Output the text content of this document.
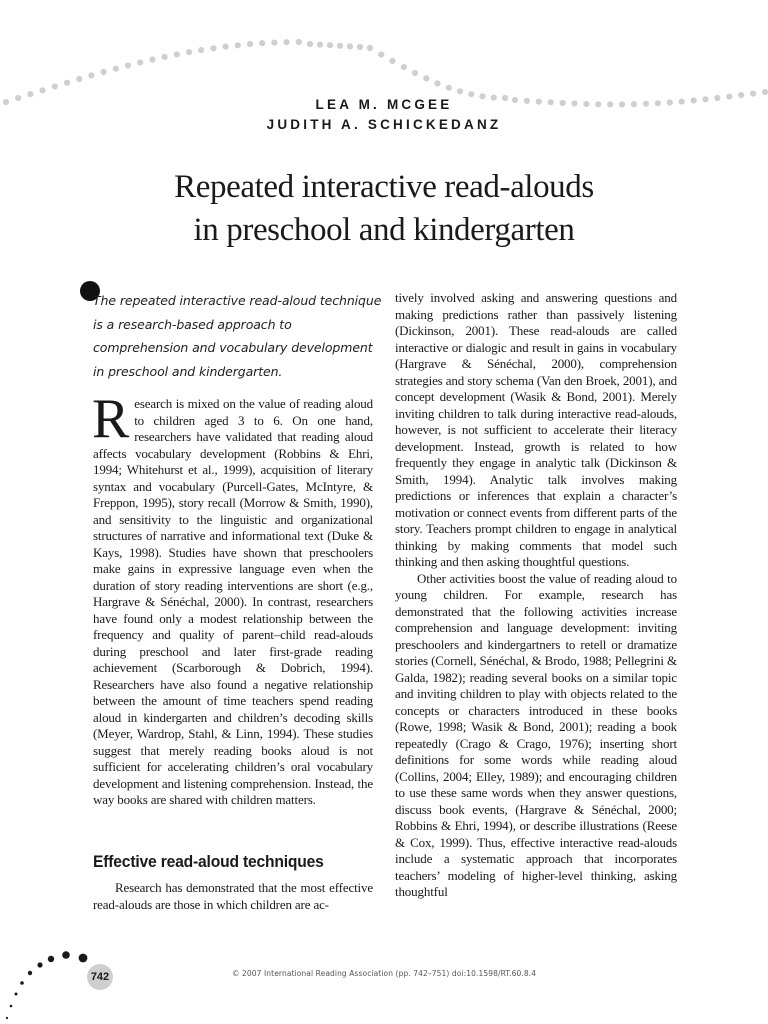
LEA M. MCGEE
JUDITH A. SCHICKEDANZ
Repeated interactive read-alouds
in preschool and kindergarten

The repeated interactive read-aloud technique is a research-based approach to comprehension and vocabulary development in preschool and kindergarten.

Research is mixed on the value of reading aloud to children aged 3 to 6. On one hand, researchers have validated that reading aloud affects vocabulary development (Robbins & Ehri, 1994; Whitehurst et al., 1999), acquisition of literary syntax and vocabulary (Purcell-Gates, McIntyre, & Freppon, 1995), story recall (Morrow & Smith, 1990), and sensitivity to the linguistic and organizational structures of narrative and informational text (Duke & Kays, 1998). Studies have shown that preschoolers make gains in expressive language even when the duration of story reading interventions are short (e.g., Hargrave & Sénéchal, 2000). In contrast, researchers have found only a modest relationship between the frequency and quality of parent–child read-alouds during preschool and later first-grade reading achievement (Scarborough & Dobrich, 1994). Researchers have also found a negative relationship between the amount of time teachers spend reading aloud in kindergarten and children’s decoding skills (Meyer, Wardrop, Stahl, & Linn, 1994). These studies suggest that merely reading books aloud is not sufficient for accelerating children’s oral vocabulary development and listening comprehension. Instead, the way books are shared with children matters.

Effective read-aloud techniques

Research has demonstrated that the most effective read-alouds are those in which children are ac-

tively involved asking and answering questions and making predictions rather than passively listening (Dickinson, 2001). These read-alouds are called interactive or dialogic and result in gains in vocabulary (Hargrave & Sénéchal, 2000), comprehension strategies and story schema (Van den Broek, 2001), and concept development (Wasik & Bond, 2001). Merely inviting children to talk during interactive read-alouds, however, is not sufficient to accelerate their literacy development. Instead, growth is related to how frequently they engage in analytic talk (Dickinson & Smith, 1994). Analytic talk involves making predictions or inferences that explain a character’s motivation or connect events from different parts of the story. Teachers prompt children to engage in analytical thinking by making comments that model such thinking and then asking thoughtful questions.

Other activities boost the value of reading aloud to young children. For example, research has demonstrated that the following activities increase comprehension and language development: inviting preschoolers and kindergartners to retell or dramatize stories (Cornell, Sénéchal, & Brodo, 1988; Pellegrini & Galda, 1982); reading several books on a similar topic and inviting children to play with objects related to the concepts or characters introduced in these books (Rowe, 1998; Wasik & Bond, 2001); reading a book repeatedly (Crago & Crago, 1976); inserting short definitions for some words while reading aloud (Collins, 2004; Elley, 1989); and encouraging children to use these same words when they answer questions, discuss book events, (Hargrave & Sénéchal, 2000; Robbins & Ehri, 1994), or describe illustrations (Reese & Cox, 1999). Thus, effective interactive read-alouds include a systematic approach that incorporates teachers’ modeling of higher-level thinking, asking thoughtful

742	© 2007 International Reading Association (pp. 742–751) doi:10.1598/RT.60.8.4
